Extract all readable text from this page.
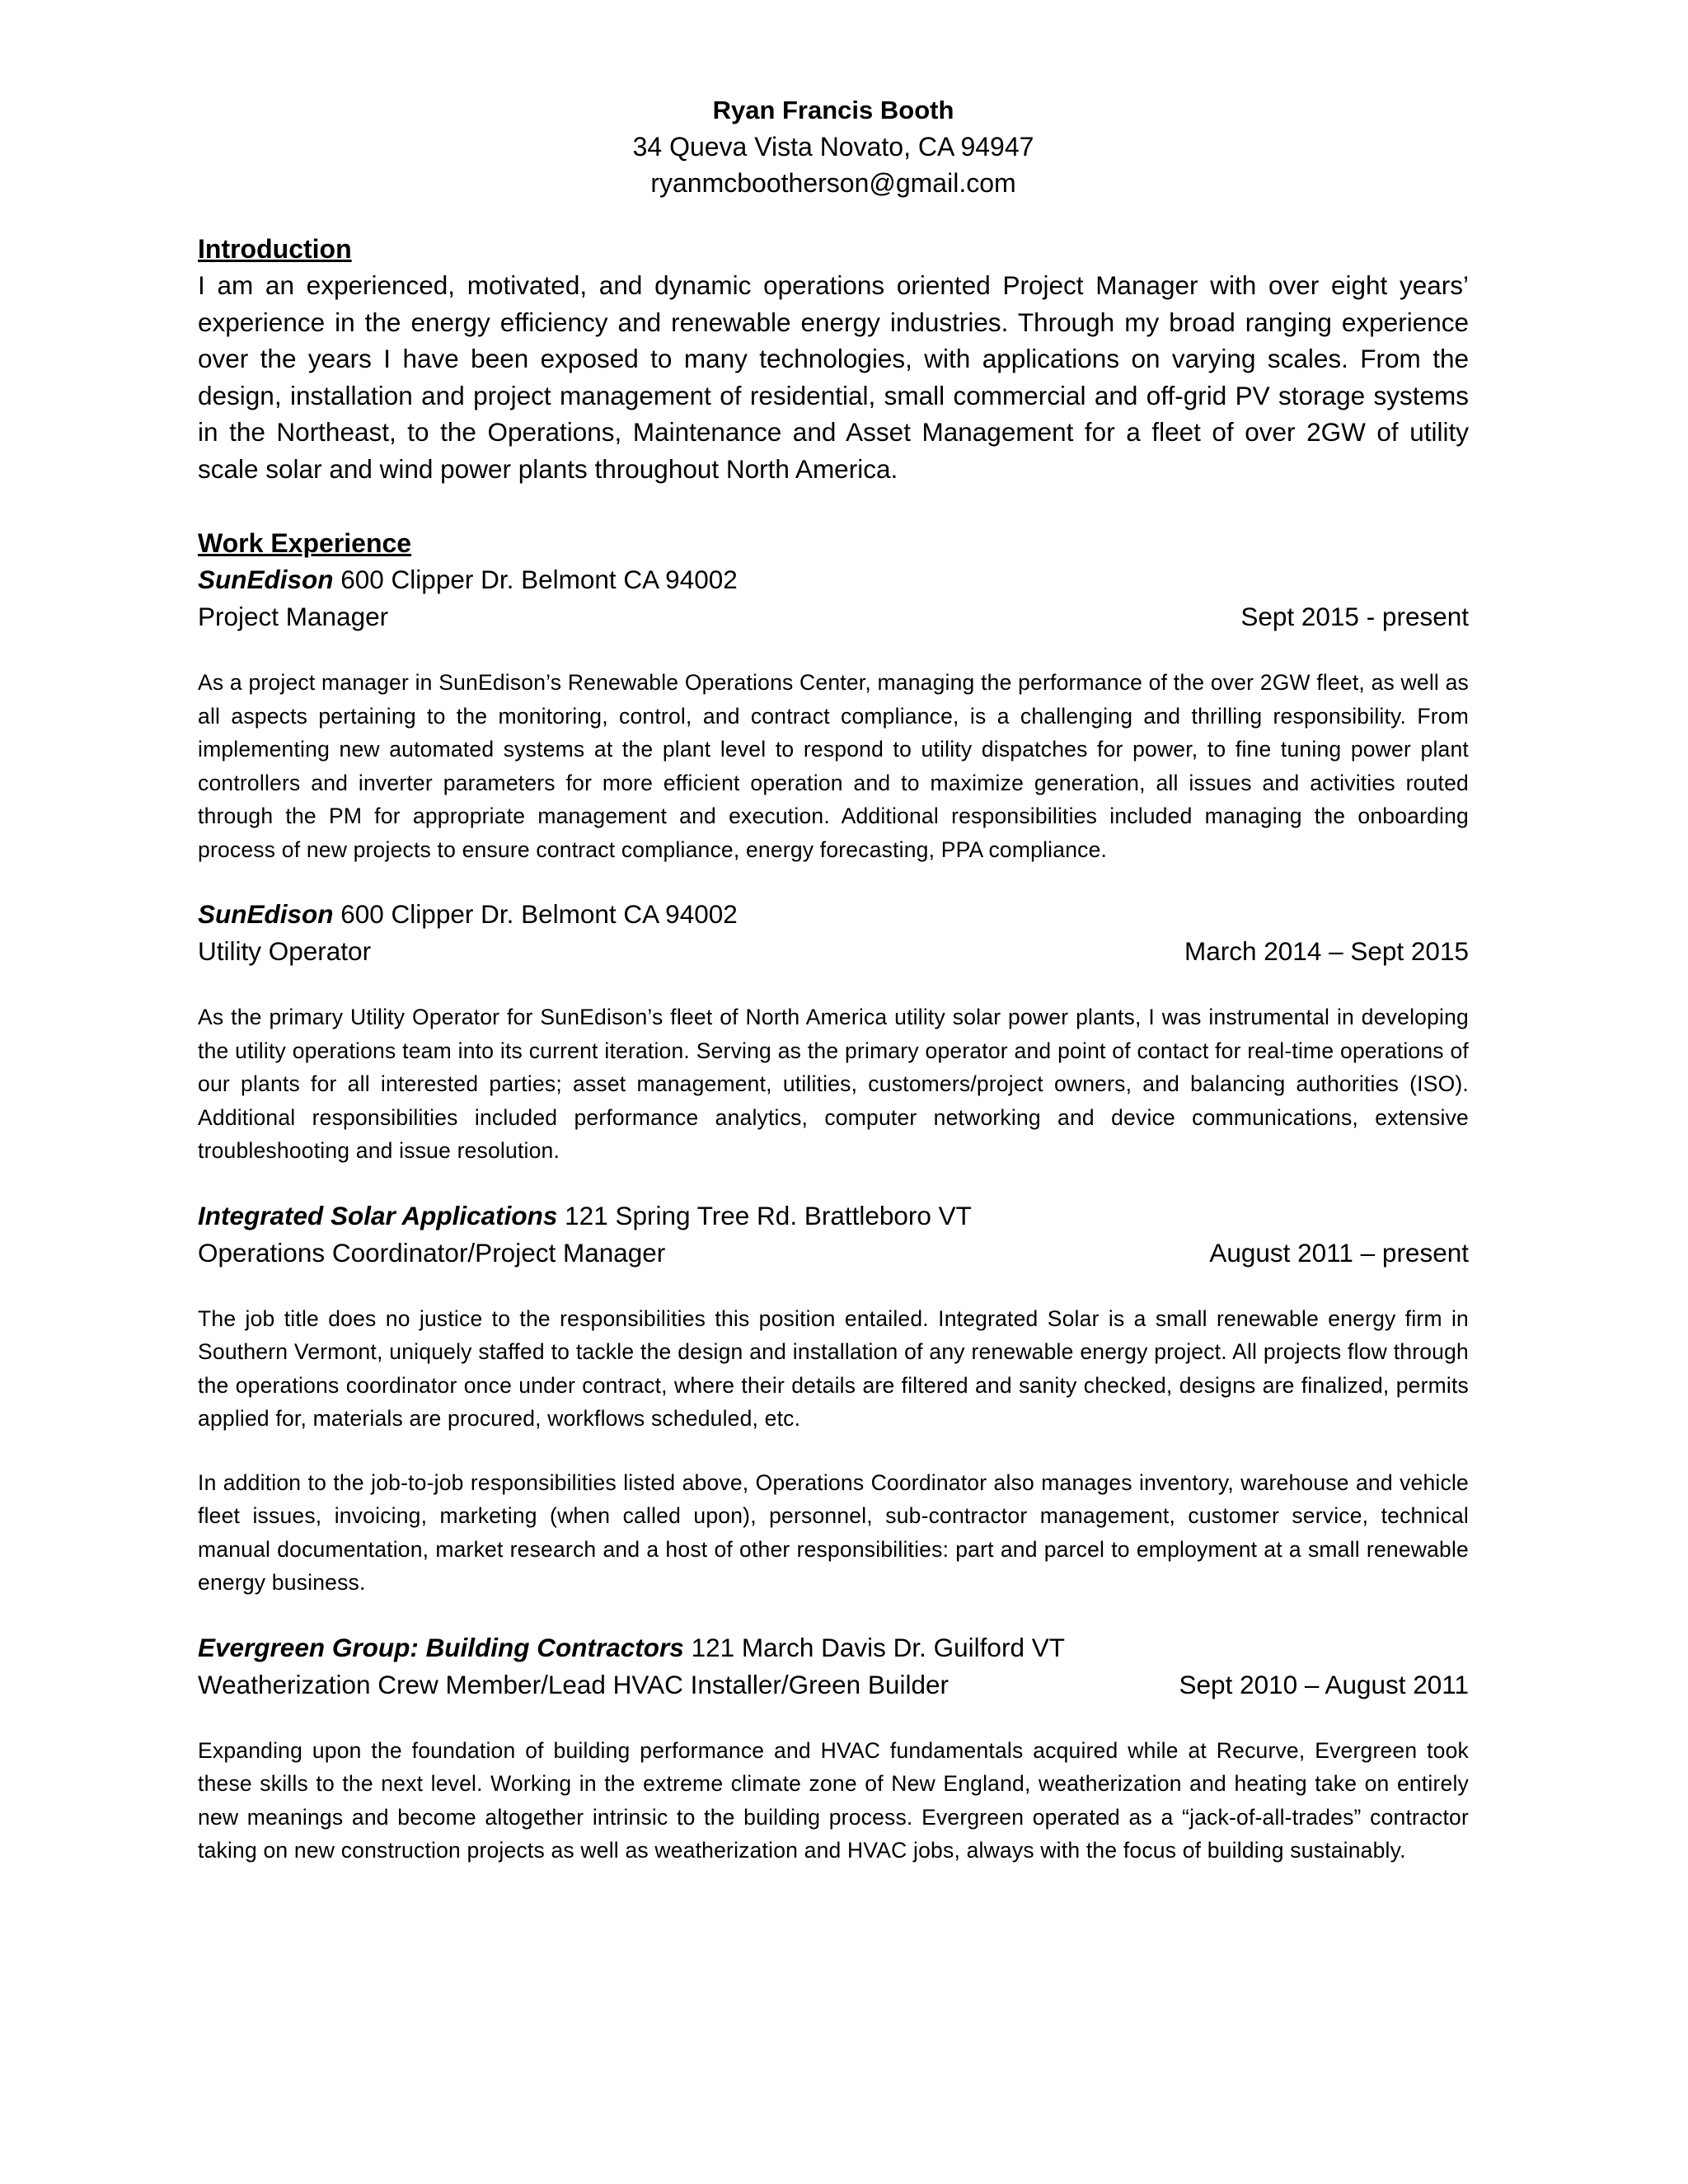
Ryan Francis Booth
34 Queva Vista Novato, CA 94947
ryanmcbootherson@gmail.com
Introduction

I am an experienced, motivated, and dynamic operations oriented Project Manager with over eight years’ experience in the energy efficiency and renewable energy industries. Through my broad ranging experience over the years I have been exposed to many technologies, with applications on varying scales. From the design, installation and project management of residential, small commercial and off-grid PV storage systems in the Northeast, to the Operations, Maintenance and Asset Management for a fleet of over 2GW of utility scale solar and wind power plants throughout North America.

Work Experience
SunEdison 600 Clipper Dr. Belmont CA 94002
Project Manager	Sept 2015 - present
As a project manager in SunEdison’s Renewable Operations Center, managing the performance of the over 2GW fleet, as well as all aspects pertaining to the monitoring, control, and contract compliance, is a challenging and thrilling responsibility. From implementing new automated systems at the plant level to respond to utility dispatches for power, to fine tuning power plant controllers and inverter parameters for more efficient operation and to maximize generation, all issues and activities routed through the PM for appropriate management and execution. Additional responsibilities included managing the onboarding process of new projects to ensure contract compliance, energy forecasting, PPA compliance.
SunEdison 600 Clipper Dr. Belmont CA 94002
Utility Operator	March 2014 – Sept 2015
As the primary Utility Operator for SunEdison’s fleet of North America utility solar power plants, I was instrumental in developing the utility operations team into its current iteration. Serving as the primary operator and point of contact for real-time operations of our plants for all interested parties; asset management, utilities, customers/project owners, and balancing authorities (ISO). Additional responsibilities included performance analytics, computer networking and device communications, extensive troubleshooting and issue resolution.
Integrated Solar Applications 121 Spring Tree Rd. Brattleboro VT
Operations Coordinator/Project Manager	August 2011 – present
The job title does no justice to the responsibilities this position entailed. Integrated Solar is a small renewable energy firm in Southern Vermont, uniquely staffed to tackle the design and installation of any renewable energy project. All projects flow through the operations coordinator once under contract, where their details are filtered and sanity checked, designs are finalized, permits applied for, materials are procured, workflows scheduled, etc.
In addition to the job-to-job responsibilities listed above, Operations Coordinator also manages inventory, warehouse and vehicle fleet issues, invoicing, marketing (when called upon), personnel, sub-contractor management, customer service, technical manual documentation, market research and a host of other responsibilities: part and parcel to employment at a small renewable energy business.
Evergreen Group: Building Contractors 121 March Davis Dr. Guilford VT
Weatherization Crew Member/Lead HVAC Installer/Green Builder	Sept 2010 – August 2011
Expanding upon the foundation of building performance and HVAC fundamentals acquired while at Recurve, Evergreen took these skills to the next level. Working in the extreme climate zone of New England, weatherization and heating take on entirely new meanings and become altogether intrinsic to the building process. Evergreen operated as a “jack-of-all-trades” contractor taking on new construction projects as well as weatherization and HVAC jobs, always with the focus of building sustainably.
